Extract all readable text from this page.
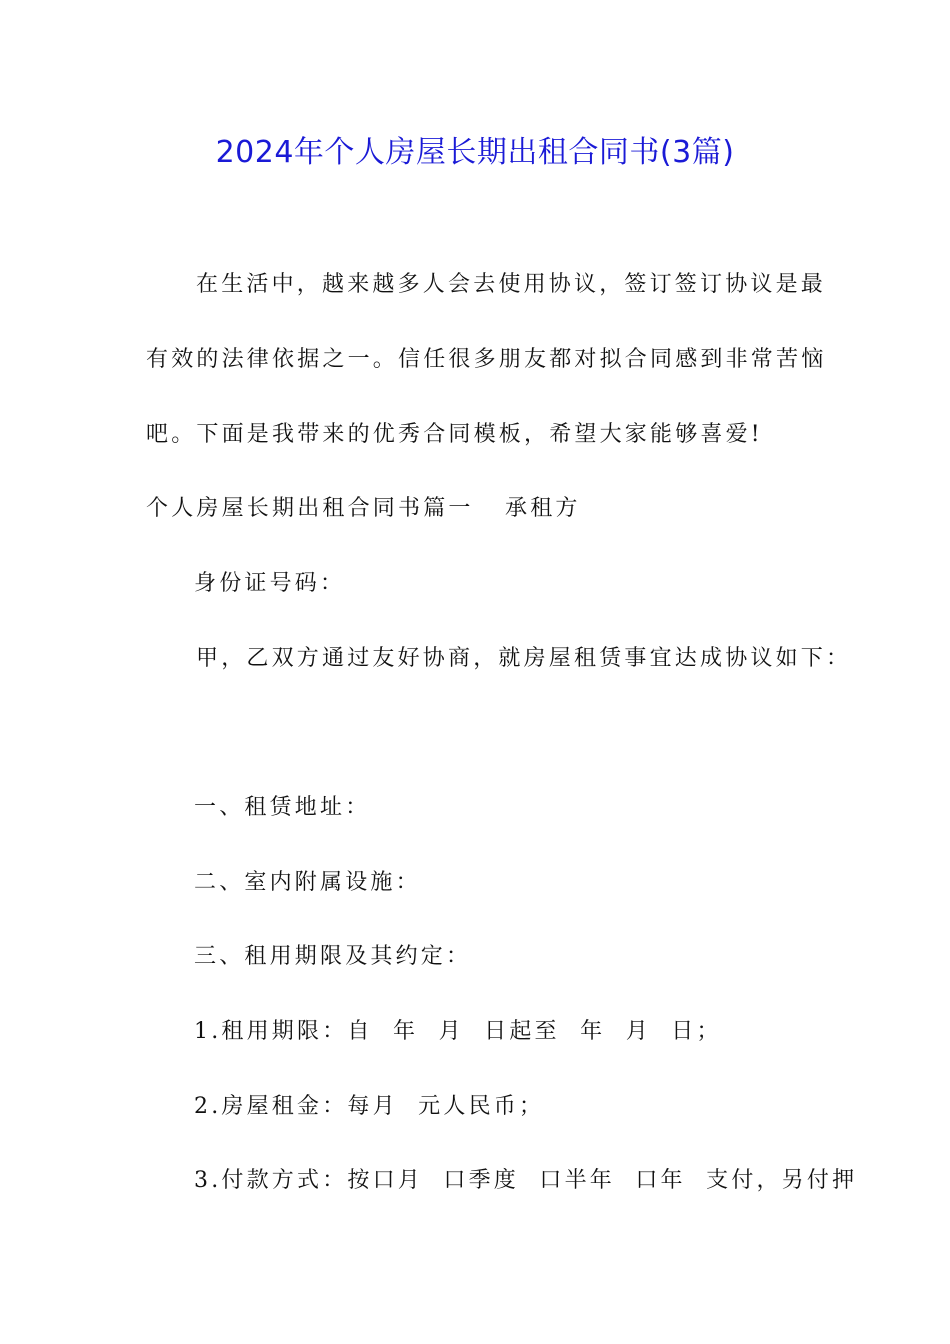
2024年个人房屋长期出租合同书(3篇)
在生活中，越来越多人会去使用协议，签订签订协议是最
有效的法律依据之一。信任很多朋友都对拟合同感到非常苦恼
吧。下面是我带来的优秀合同模板，希望大家能够喜爱!
个人房屋长期出租合同书篇一 承租方
身份证号码：
甲，乙双方通过友好协商，就房屋租赁事宜达成协议如下：
一、租赁地址：
二、室内附属设施：
三、租用期限及其约定：
1.租用期限：自  年  月  日起至  年  月  日；
2.房屋租金：每月  元人民币；
3.付款方式：按口月  口季度  口半年  口年  支付，另付押
